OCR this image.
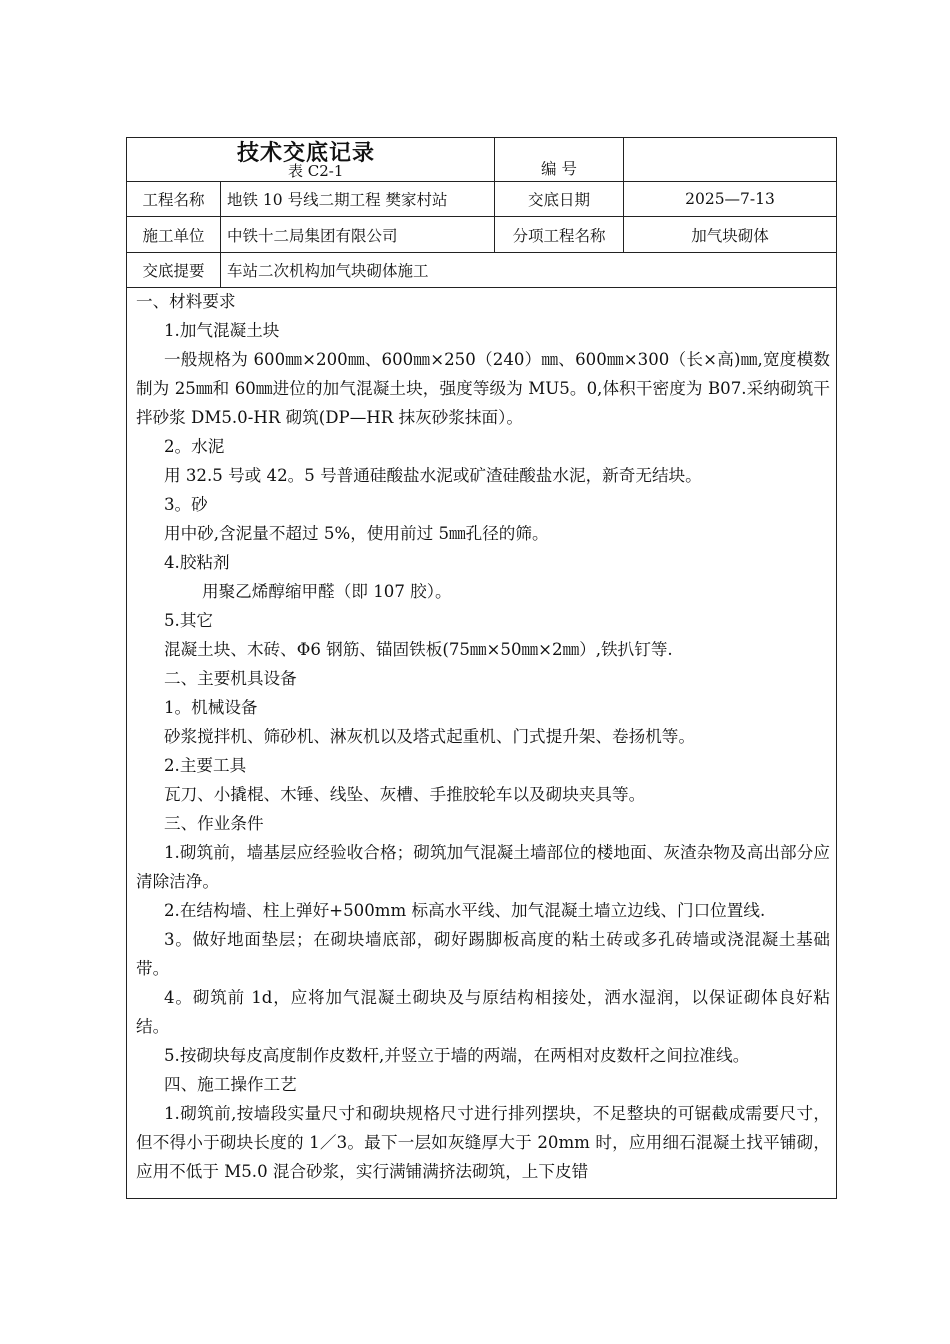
技术交底记录
表 C2-1	编 号
工程名称	地铁 10 号线二期工程 樊家村站	交底日期	2025—7-13
施工单位	中铁十二局集团有限公司	分项工程名称	加气块砌体
交底提要	车站二次机构加气块砌体施工

一、材料要求

1.加气混凝土块

一般规格为 600㎜×200㎜、600㎜×250（240）㎜、600㎜×300（长×高)㎜,宽度模数制为 25㎜和 60㎜进位的加气混凝土块，强度等级为 MU5。0,体积干密度为 B07.采纳砌筑干拌砂浆 DM5.0-HR 砌筑(DP—HR 抹灰砂浆抹面）。

2。水泥

用 32.5 号或 42。5 号普通硅酸盐水泥或矿渣硅酸盐水泥，新奇无结块。

3。砂

用中砂,含泥量不超过 5%，使用前过 5㎜孔径的筛。

4.胶粘剂

用聚乙烯醇缩甲醛（即 107 胶）。

5.其它

混凝土块、木砖、Φ6 钢筋、锚固铁板(75㎜×50㎜×2㎜）,铁扒钉等.

二、主要机具设备

1。机械设备

砂浆搅拌机、筛砂机、淋灰机以及塔式起重机、门式提升架、卷扬机等。

2.主要工具

瓦刀、小撬棍、木锤、线坠、灰槽、手推胶轮车以及砌块夹具等。

三、作业条件

1.砌筑前，墙基层应经验收合格；砌筑加气混凝土墙部位的楼地面、灰渣杂物及高出部分应清除洁净。

2.在结构墙、柱上弹好+500mm 标高水平线、加气混凝土墙立边线、门口位置线.

3。做好地面垫层；在砌块墙底部，砌好踢脚板高度的粘土砖或多孔砖墙或浇混凝土基础带。

4。砌筑前 1d，应将加气混凝土砌块及与原结构相接处，洒水湿润，以保证砌体良好粘结。

5.按砌块每皮高度制作皮数杆,并竖立于墙的两端，在两相对皮数杆之间拉准线。

四、施工操作工艺

1.砌筑前,按墙段实量尺寸和砌块规格尺寸进行排列摆块，不足整块的可锯截成需要尺寸，但不得小于砌块长度的 1／3。最下一层如灰缝厚大于 20mm 时，应用细石混凝土找平铺砌，应用不低于 M5.0 混合砂浆，实行满铺满挤法砌筑，上下皮错
